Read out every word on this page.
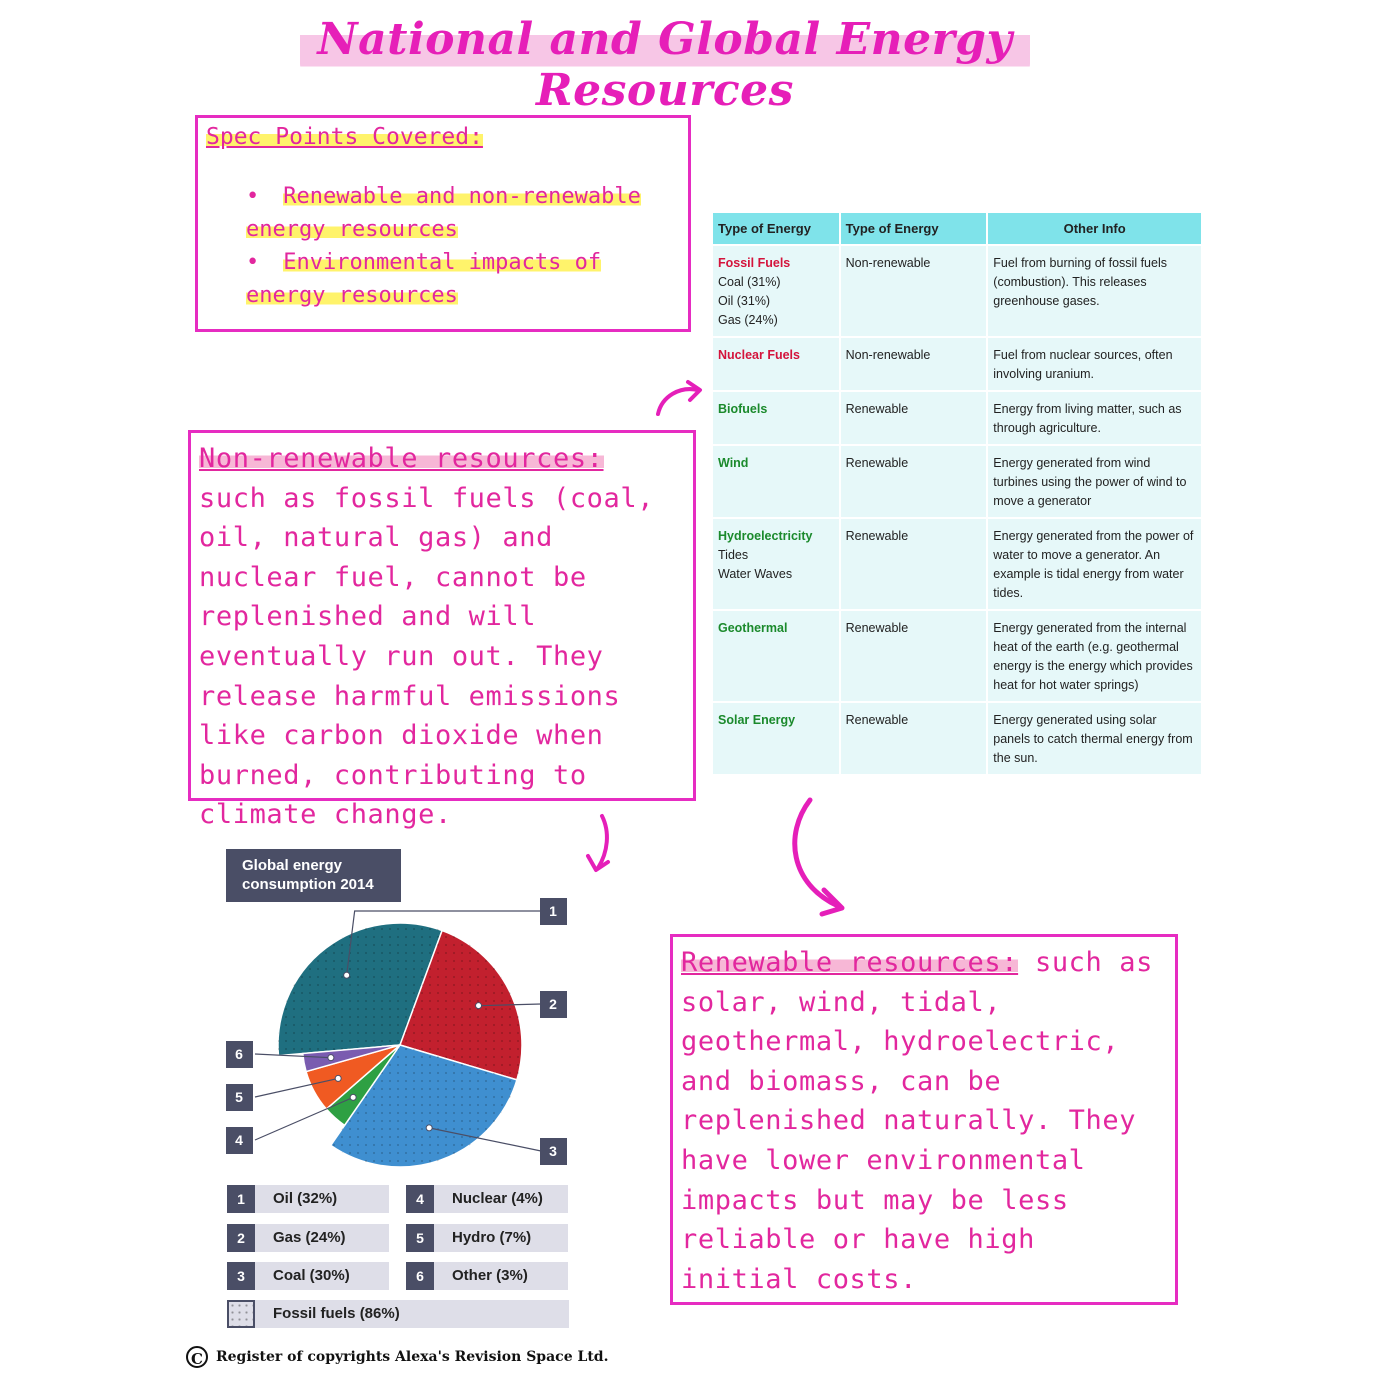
National and Global Energy Resources
Spec Points Covered:
• Renewable and non-renewable energy resources
• Environmental impacts of energy resources
Non-renewable resources: such as fossil fuels (coal, oil, natural gas) and nuclear fuel, cannot be replenished and will eventually run out. They release harmful emissions like carbon dioxide when burned, contributing to climate change.
Renewable resources: such as solar, wind, tidal, geothermal, hydroelectric, and biomass, can be replenished naturally. They have lower environmental impacts but may be less reliable or have high initial costs.
Type of Energy	Type of Energy	Other Info

Fossil Fuels
Coal (31%)
Oil (31%)
Gas (24%)	Non-renewable	Fuel from burning of fossil fuels (combustion). This releases greenhouse gases.

Nuclear Fuels	Non-renewable	Fuel from nuclear sources, often involving uranium.

Biofuels	Renewable	Energy from living matter, such as through agriculture.

Wind	Renewable	Energy generated from wind turbines using the power of wind to move a generator

Hydroelectricity
Tides
Water Waves	Renewable	Energy generated from the power of water to move a generator. An example is tidal energy from water tides.

Geothermal	Renewable	Energy generated from the internal heat of the earth (e.g. geothermal energy is the energy which provides heat for hot water springs)

Solar Energy	Renewable	Energy generated using solar panels to catch thermal energy from the sun.
Global energy consumption 2014
1
2
3
4
5
6
1	Oil (32%)
2	Gas (24%)
3	Coal (30%)
4	Nuclear (4%)
5	Hydro (7%)
6	Other (3%)
Fossil fuels (86%)
C Register of copyrights Alexa's Revision Space Ltd.
